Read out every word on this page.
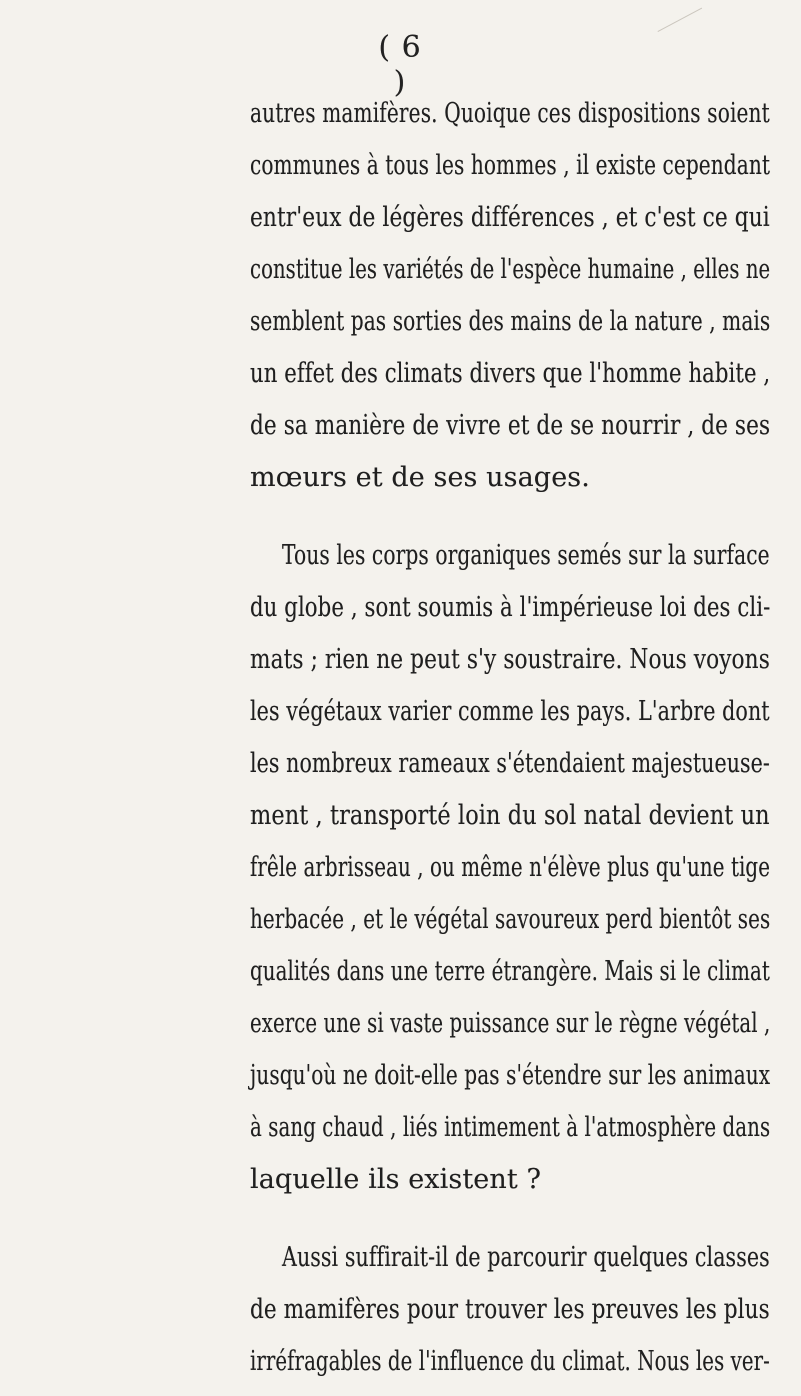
( 6 )
autres mamifères. Quoique ces dispositions soient
communes à tous les hommes , il existe cependant
entr'eux de légères différences , et c'est ce qui
constitue les variétés de l'espèce humaine , elles ne
semblent pas sorties des mains de la nature , mais
un effet des climats divers que l'homme habite ,
de sa manière de vivre et de se nourrir , de ses
mœurs et de ses usages.
Tous les corps organiques semés sur la surface
du globe , sont soumis à l'impérieuse loi des cli-
mats ; rien ne peut s'y soustraire. Nous voyons
les végétaux varier comme les pays. L'arbre dont
les nombreux rameaux s'étendaient majestueuse-
ment , transporté loin du sol natal devient un
frêle arbrisseau , ou même n'élève plus qu'une tige
herbacée , et le végétal savoureux perd bientôt ses
qualités dans une terre étrangère. Mais si le climat
exerce une si vaste puissance sur le règne végétal ,
jusqu'où ne doit-elle pas s'étendre sur les animaux
à sang chaud , liés intimement à l'atmosphère dans
laquelle ils existent ?
Aussi suffirait-il de parcourir quelques classes
de mamifères pour trouver les preuves les plus
irréfragables de l'influence du climat. Nous les ver-
